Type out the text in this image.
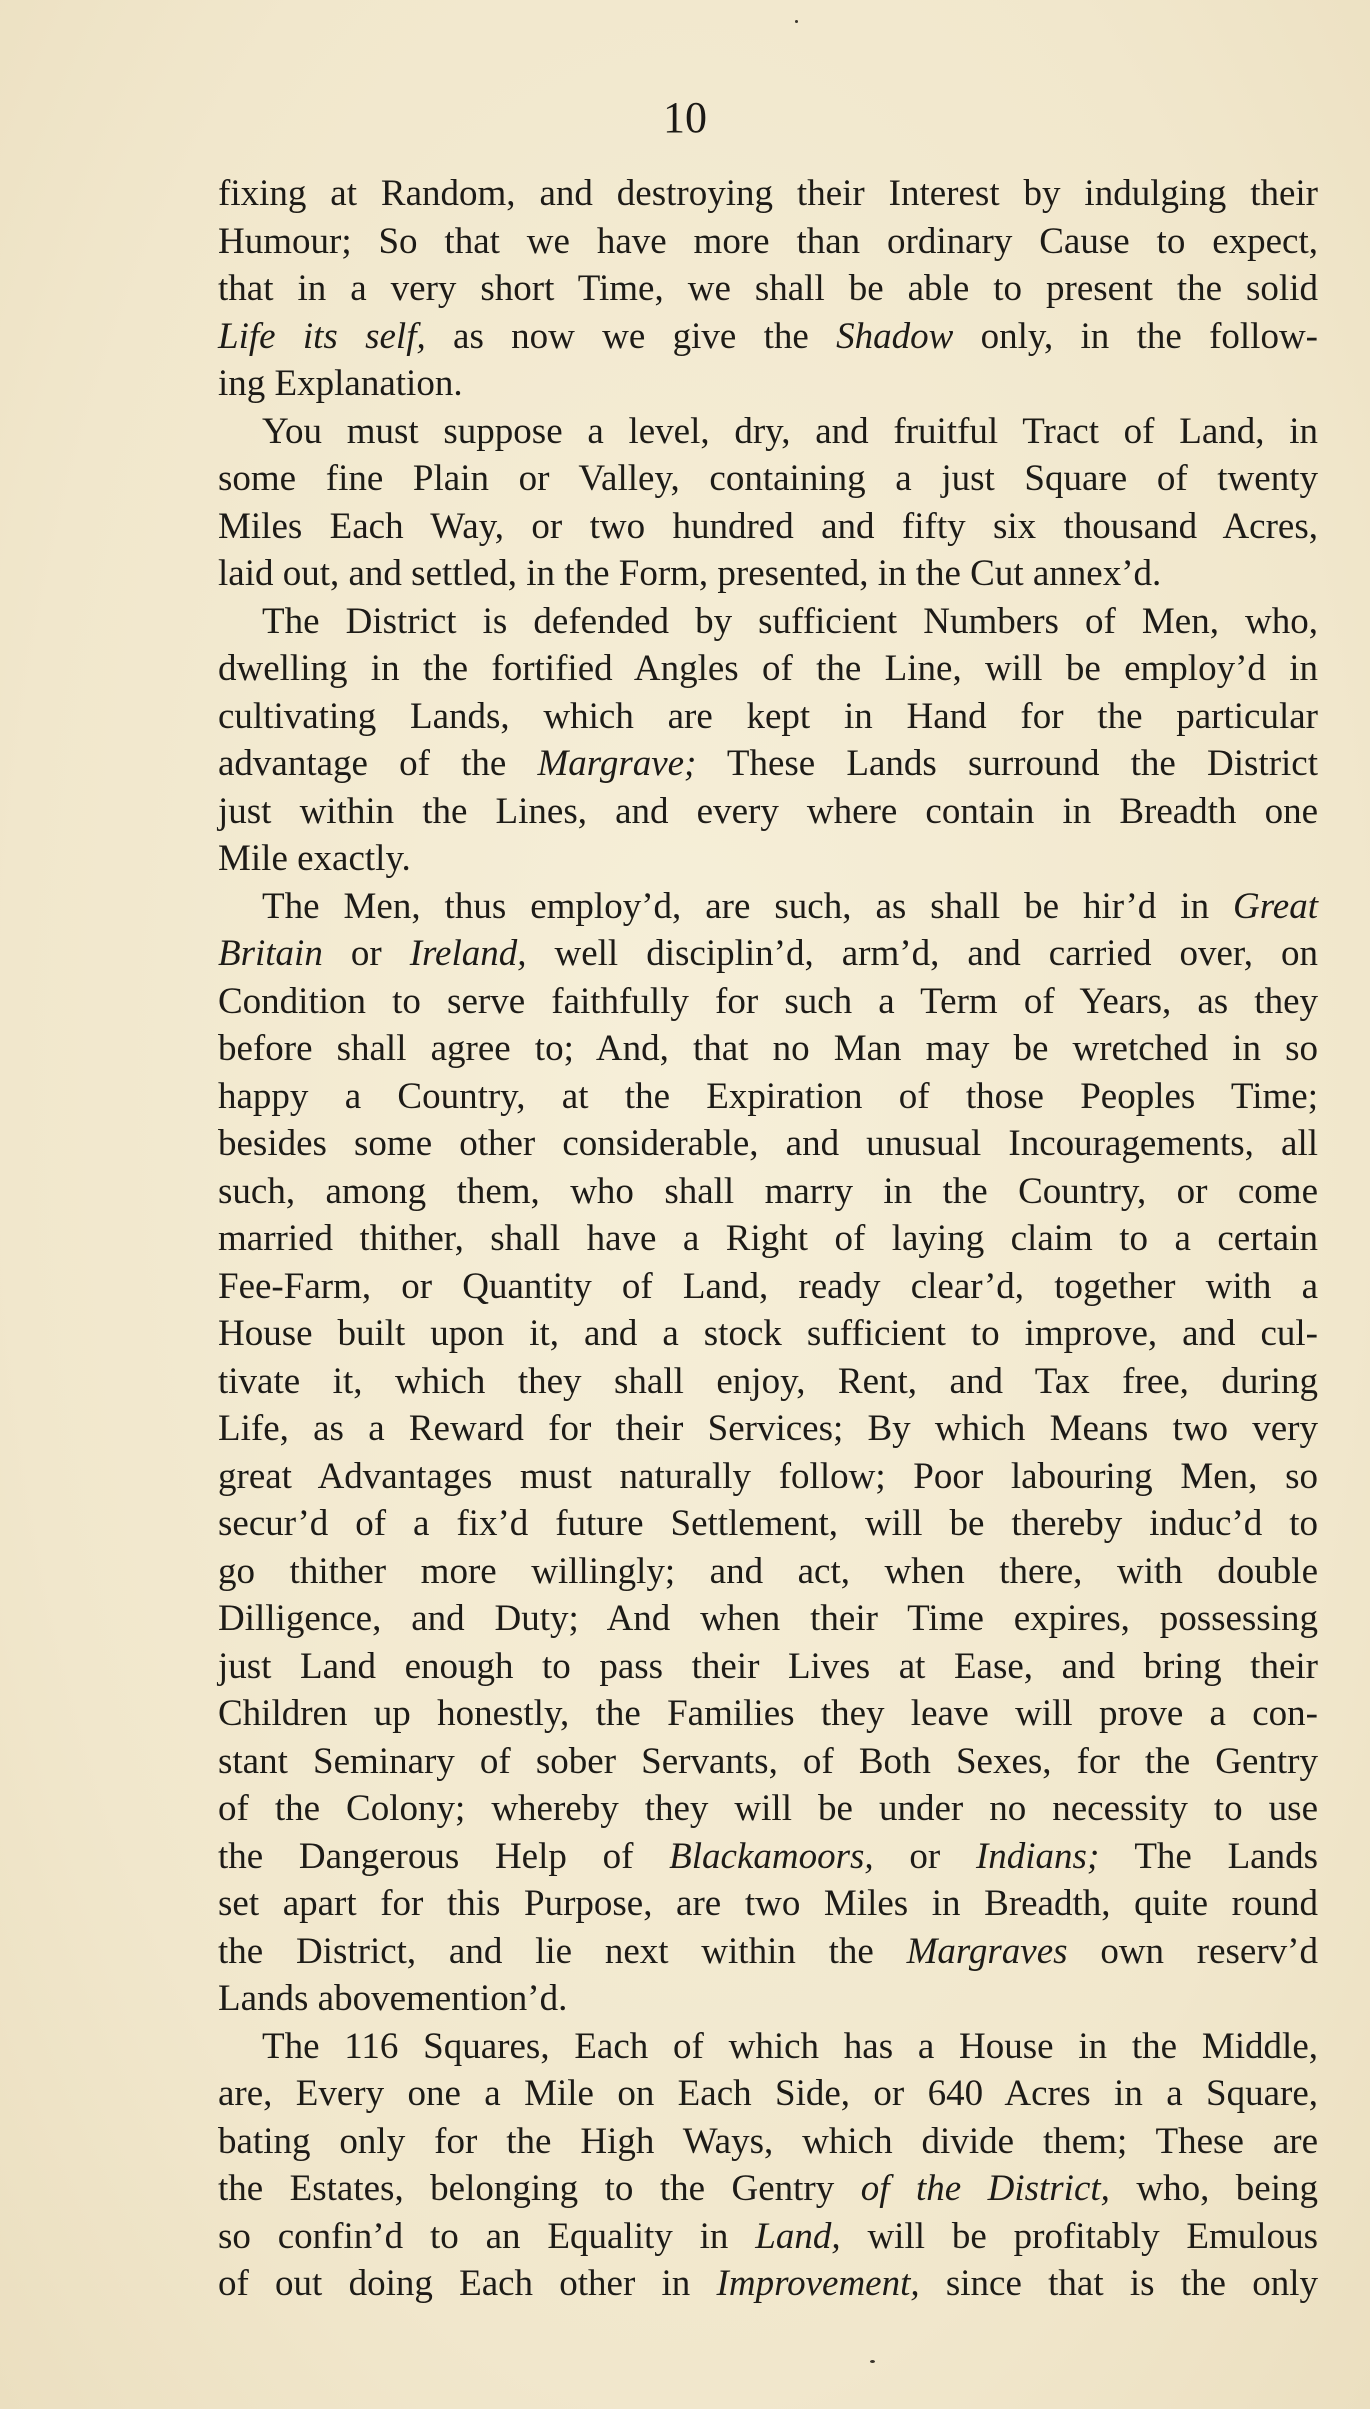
10
fixing at Random, and destroying their Interest by indulging their
Humour; So that we have more than ordinary Cause to expect,
that in a very short Time, we shall be able to present the solid
Life its self, as now we give the Shadow only, in the follow-
ing Explanation.
You must suppose a level, dry, and fruitful Tract of Land, in
some fine Plain or Valley, containing a just Square of twenty
Miles Each Way, or two hundred and fifty six thousand Acres,
laid out, and settled, in the Form, presented, in the Cut annex’d.
The District is defended by sufficient Numbers of Men, who,
dwelling in the fortified Angles of the Line, will be employ’d in
cultivating Lands, which are kept in Hand for the particular
advantage of the Margrave; These Lands surround the District
just within the Lines, and every where contain in Breadth one
Mile exactly.
The Men, thus employ’d, are such, as shall be hir’d in Great
Britain or Ireland, well disciplin’d, arm’d, and carried over, on
Condition to serve faithfully for such a Term of Years, as they
before shall agree to; And, that no Man may be wretched in so
happy a Country, at the Expiration of those Peoples Time;
besides some other considerable, and unusual Incouragements, all
such, among them, who shall marry in the Country, or come
married thither, shall have a Right of laying claim to a certain
Fee-Farm, or Quantity of Land, ready clear’d, together with a
House built upon it, and a stock sufficient to improve, and cul-
tivate it, which they shall enjoy, Rent, and Tax free, during
Life, as a Reward for their Services; By which Means two very
great Advantages must naturally follow; Poor labouring Men, so
secur’d of a fix’d future Settlement, will be thereby induc’d to
go thither more willingly; and act, when there, with double
Dilligence, and Duty; And when their Time expires, possessing
just Land enough to pass their Lives at Ease, and bring their
Children up honestly, the Families they leave will prove a con-
stant Seminary of sober Servants, of Both Sexes, for the Gentry
of the Colony; whereby they will be under no necessity to use
the Dangerous Help of Blackamoors, or Indians; The Lands
set apart for this Purpose, are two Miles in Breadth, quite round
the District, and lie next within the Margraves own reserv’d
Lands abovemention’d.
The 116 Squares, Each of which has a House in the Middle,
are, Every one a Mile on Each Side, or 640 Acres in a Square,
bating only for the High Ways, which divide them; These are
the Estates, belonging to the Gentry of the District, who, being
so confin’d to an Equality in Land, will be profitably Emulous
of out doing Each other in Improvement, since that is the only
